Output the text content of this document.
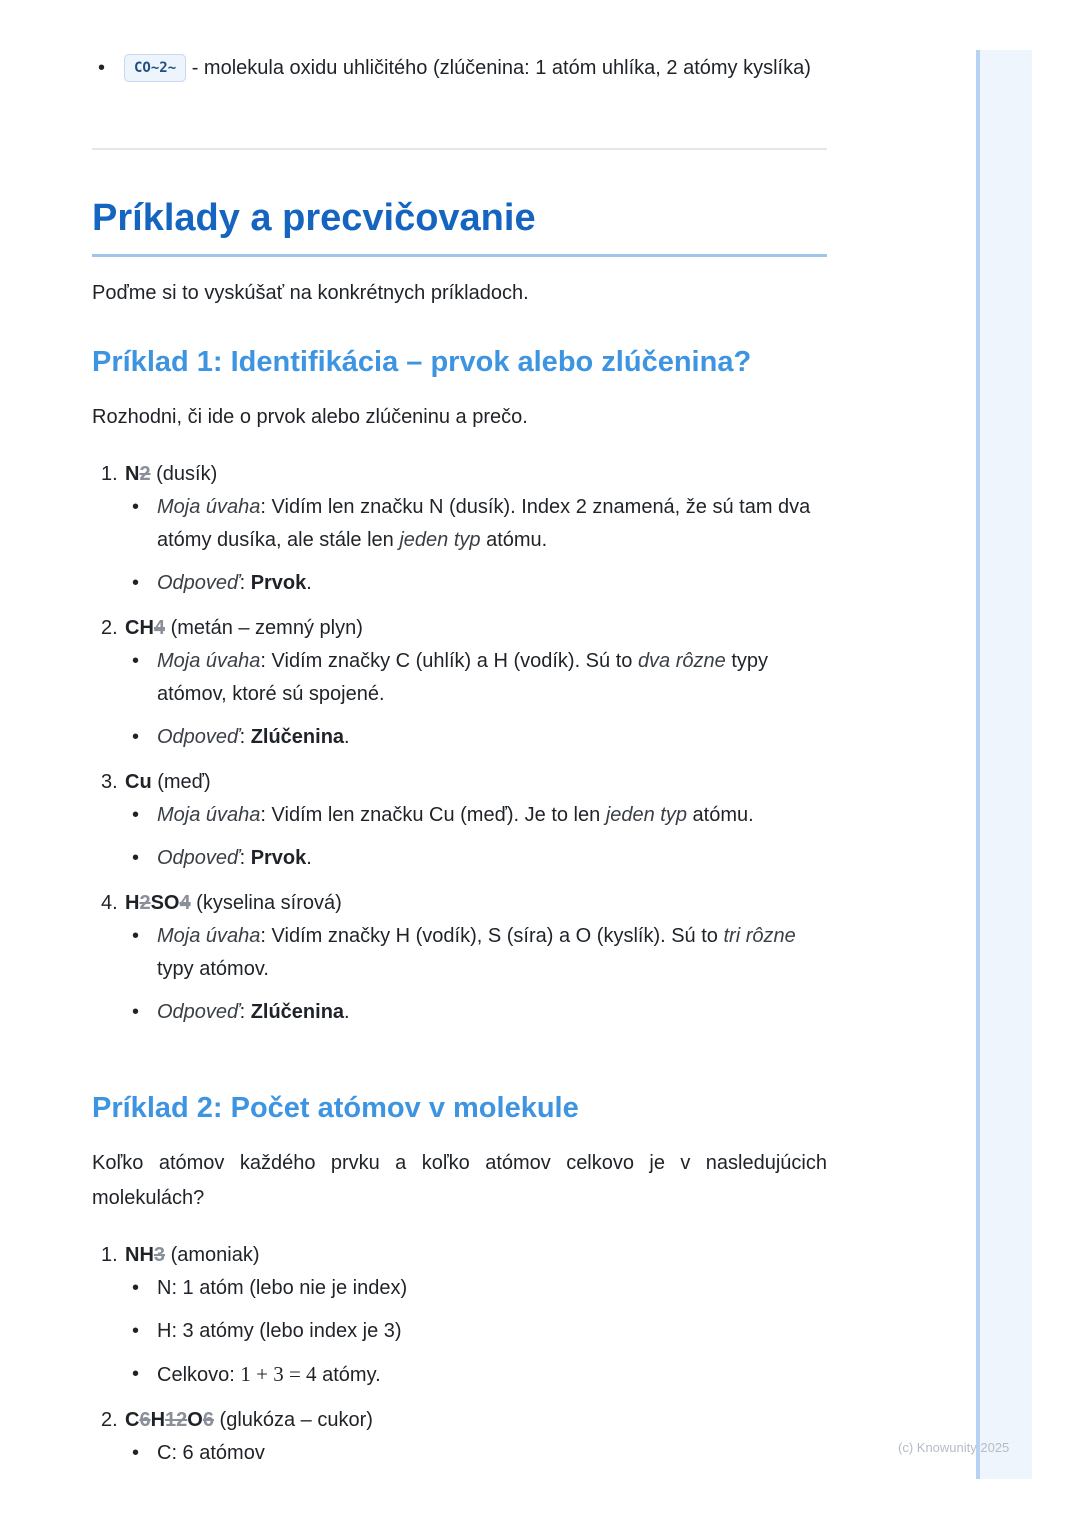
• CO~2~ - molekula oxidu uhličitého (zlúčenina: 1 atóm uhlíka, 2 atómy kyslíka)
Príklady a precvičovanie

Poďme si to vyskúšať na konkrétnych príkladoch.

Príklad 1: Identifikácia – prvok alebo zlúčenina?

Rozhodni, či ide o prvok alebo zlúčeninu a prečo.

1. N2 (dusík)
• Moja úvaha: Vidím len značku N (dusík). Index 2 znamená, že sú tam dva atómy dusíka, ale stále len jeden typ atómu.
• Odpoveď: Prvok.
2. CH4 (metán – zemný plyn)
• Moja úvaha: Vidím značky C (uhlík) a H (vodík). Sú to dva rôzne typy atómov, ktoré sú spojené.
• Odpoveď: Zlúčenina.
3. Cu (meď)
• Moja úvaha: Vidím len značku Cu (meď). Je to len jeden typ atómu.
• Odpoveď: Prvok.
4. H2SO4 (kyselina sírová)
• Moja úvaha: Vidím značky H (vodík), S (síra) a O (kyslík). Sú to tri rôzne typy atómov.
• Odpoveď: Zlúčenina.
Príklad 2: Počet atómov v molekule

Koľko atómov každého prvku a koľko atómov celkovo je v nasledujúcich molekulách?

1. NH3 (amoniak)
• N: 1 atóm (lebo nie je index)
• H: 3 atómy (lebo index je 3)
• Celkovo: 1 + 3 = 4 atómy.
2. C6H12O6 (glukóza – cukor)
• C: 6 atómov	(c) Knowunity 2025
